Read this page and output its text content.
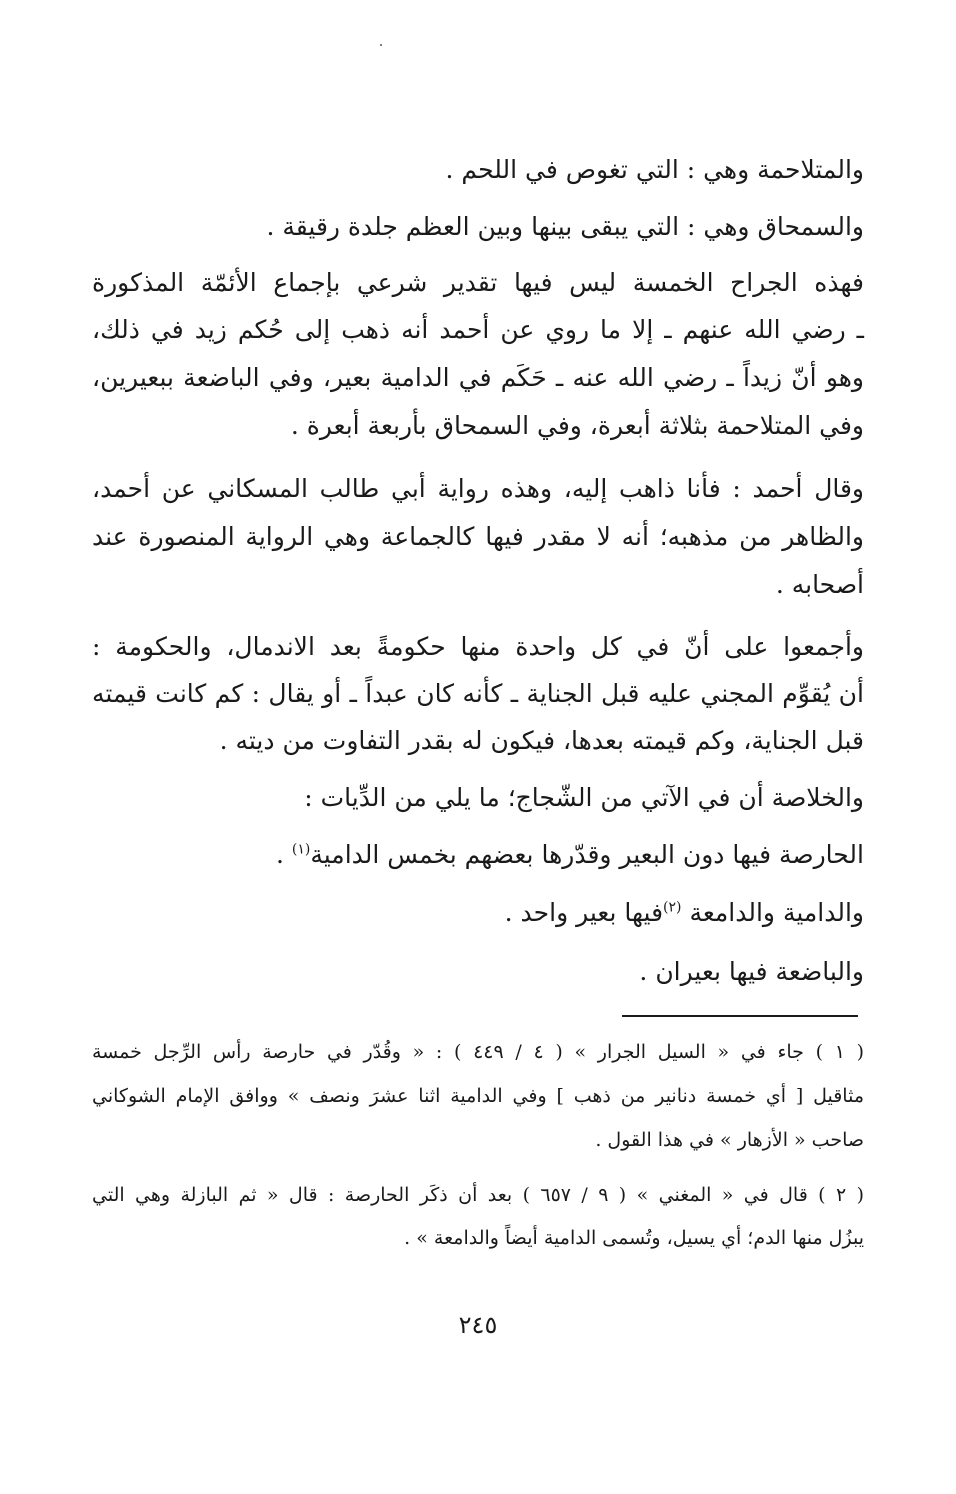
والمتلاحمة وهي : التي تغوص في اللحم .
والسمحاق وهي : التي يبقى بينها وبين العظم جلدة رقيقة .
فهذه الجراح الخمسة ليس فيها تقدير شرعي بإجماع الأئمّة المذكورة
ـ رضي الله عنهم ـ إلا ما روي عن أحمد أنه ذهب إلى حُكم زيد في ذلك،
وهو أنّ زيداً ـ رضي الله عنه ـ حَكَم في الدامية بعير، وفي الباضعة ببعيرين،
وفي المتلاحمة بثلاثة أبعرة، وفي السمحاق بأربعة أبعرة .
وقال أحمد : فأنا ذاهب إليه، وهذه رواية أبي طالب المسكاني عن أحمد،
والظاهر من مذهبه؛ أنه لا مقدر فيها كالجماعة وهي الرواية المنصورة عند
أصحابه .
وأجمعوا على أنّ في كل واحدة منها حكومةً بعد الاندمال، والحكومة :
أن يُقوِّم المجني عليه قبل الجناية ـ كأنه كان عبداً ـ أو يقال : كم كانت قيمته
قبل الجناية، وكم قيمته بعدها، فيكون له بقدر التفاوت من ديته .
والخلاصة أن في الآتي من الشّجاج؛ ما يلي من الدِّيات :
الحارصة فيها دون البعير وقدّرها بعضهم بخمس الدامية$^{(١)}$ .
والدامية والدامعة $^{(٢)}$فيها بعير واحد .
والباضعة فيها بعيران .
( ١ ) جاء في « السيل الجرار » ( ٤ / ٤٤٩ ) : « وقُدّر في حارصة رأس الرِّجل خمسة
مثاقيل [ أي خمسة دنانير من ذهب ] وفي الدامية اثنا عشرَ ونصف » ووافق الإمام الشوكاني
صاحب « الأزهار » في هذا القول .
( ٢ ) قال في « المغني » ( ٩ / ٦٥٧ ) بعد أن ذكَر الحارصة : قال « ثم البازلة وهي التي
يبزُل منها الدم؛ أي يسيل، وتُسمى الدامية أيضاً والدامعة » .
٢٤٥
